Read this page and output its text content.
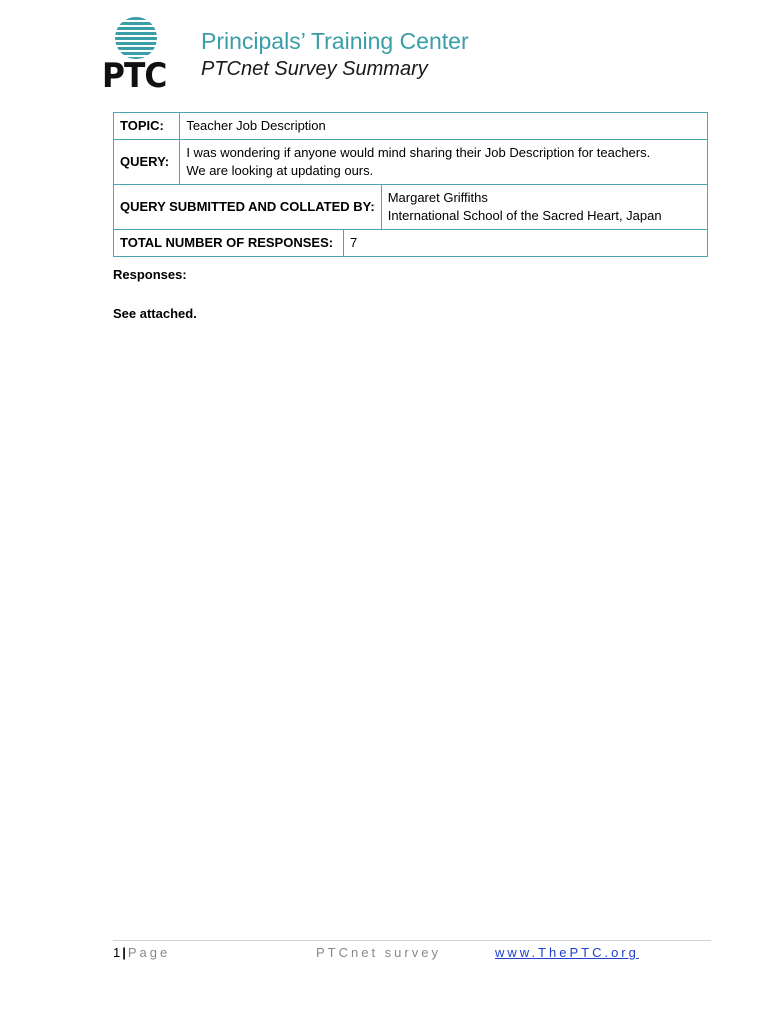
PTC
Principals’ Training Center
PTCnet Survey Summary
TOPIC:	Teacher Job Description		
QUERY:	I was wondering if anyone would mind sharing their Job Description for teachers.
We are looking at updating ours.		

QUERY SUBMITTED AND COLLATED BY:			Margaret Griffiths
International School of the Sacred Heart, Japan

TOTAL NUMBER OF RESPONSES:		7	
Responses:
See attached.
1 | Page	PTCnet survey	www.ThePTC.org
